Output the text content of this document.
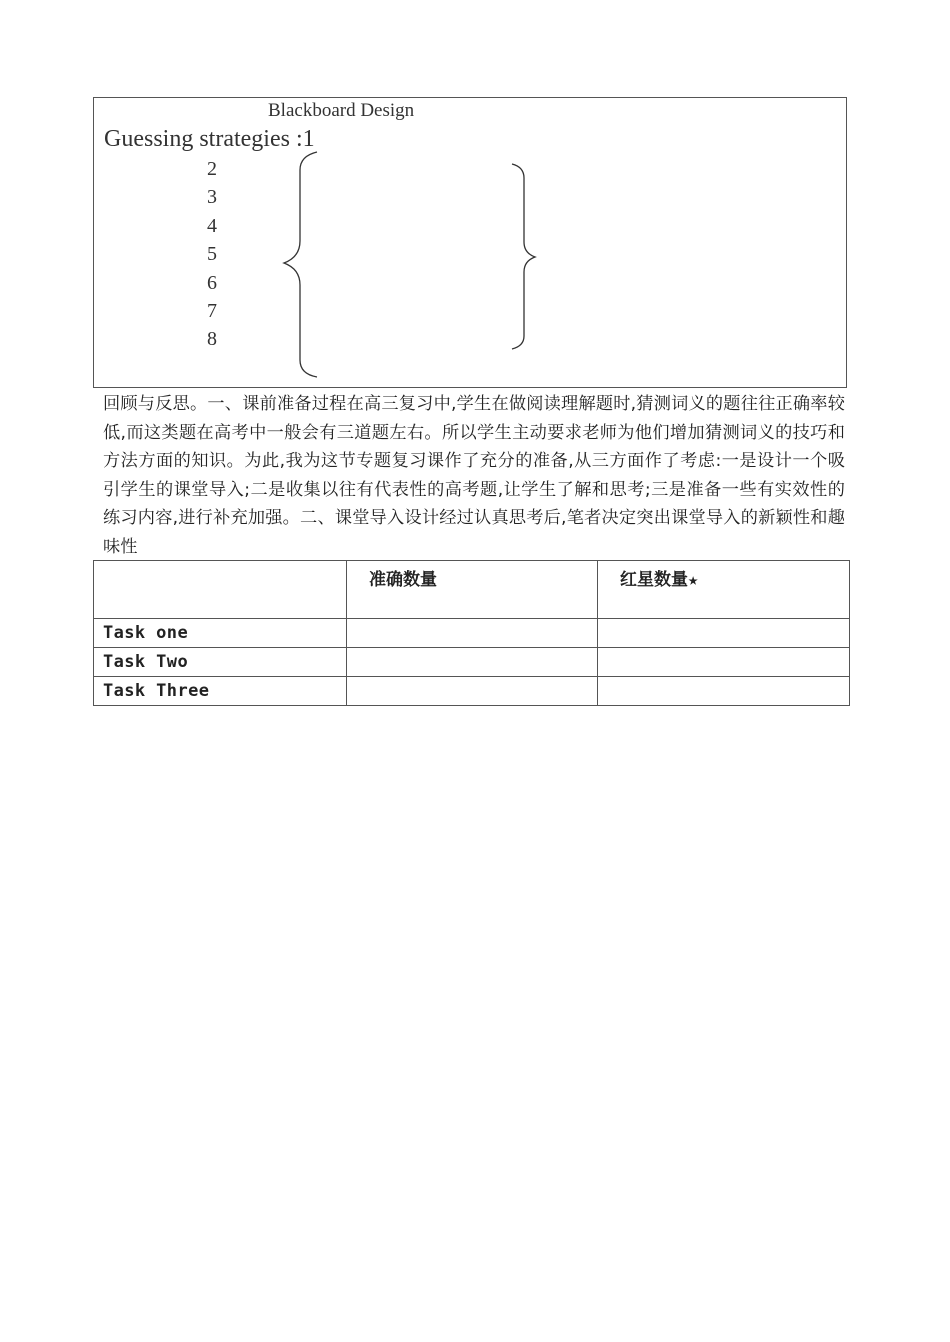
Blackboard Design
Guessing strategies :1
2
3
4
5
6
7
8
回顾与反思。一、课前准备过程在高三复习中,学生在做阅读理解题时,猜测词义的题往往正确率较低,而这类题在高考中一般会有三道题左右。所以学生主动要求老师为他们增加猜测词义的技巧和方法方面的知识。为此,我为这节专题复习课作了充分的准备,从三方面作了考虑:一是设计一个吸引学生的课堂导入;二是收集以往有代表性的高考题,让学生了解和思考;三是准备一些有实效性的练习内容,进行补充加强。二、课堂导入设计经过认真思考后,笔者决定突出课堂导入的新颖性和趣味性
	准确数量	红星数量★
Task one		
Task Two		
Task Three		
